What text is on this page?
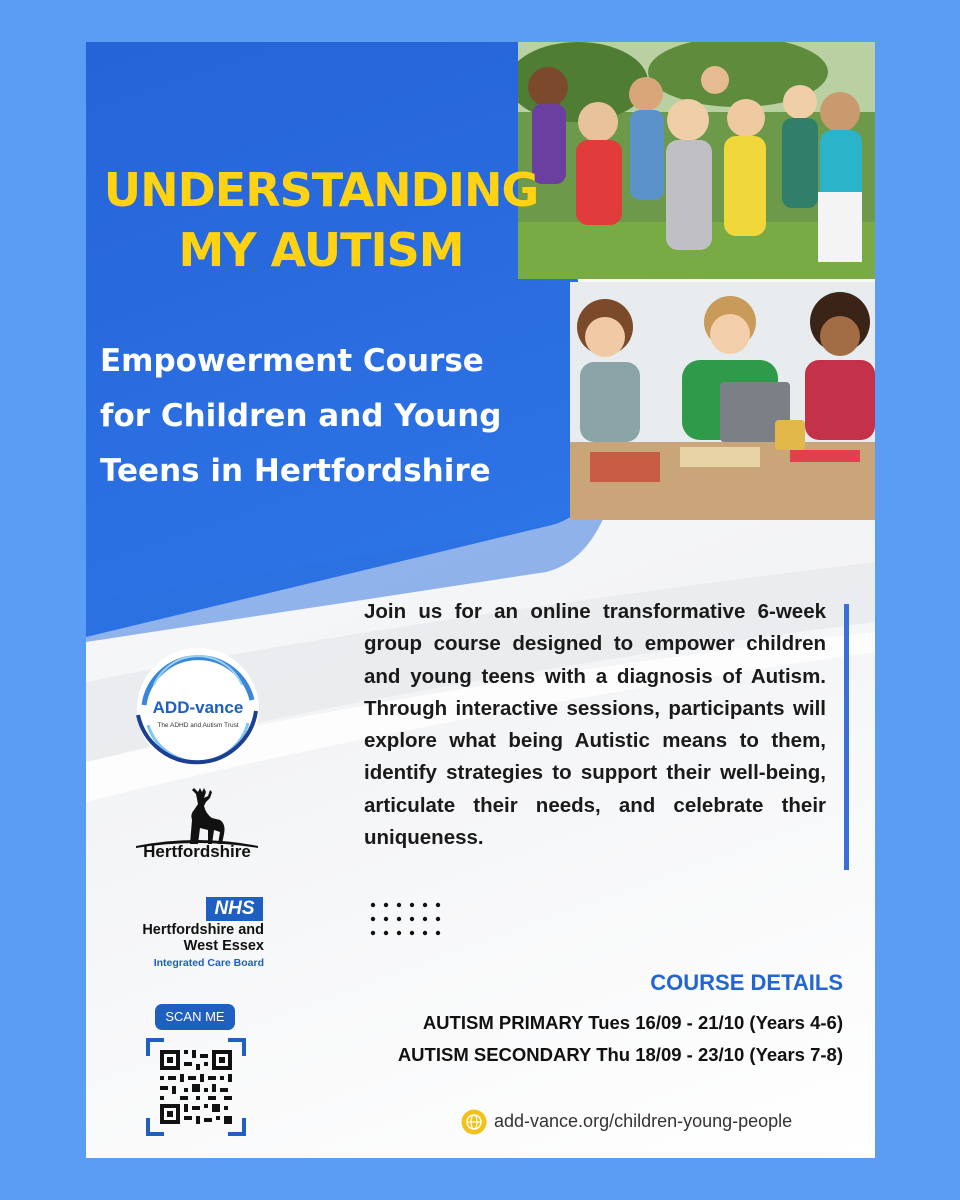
UNDERSTANDING
MY AUTISM
Empowerment Course
for Children and Young
Teens in Hertfordshire
Join us for an online transformative 6-week group course designed to empower children and young teens with a diagnosis of Autism. Through interactive sessions, participants will explore what being Autistic means to them, identify strategies to support their well-being, articulate their needs, and celebrate their uniqueness.
ADD-vance
The ADHD and Autism Trust
Hertfordshire
NHS
Hertfordshire and
West Essex
Integrated Care Board
SCAN ME
COURSE DETAILS
AUTISM PRIMARY Tues 16/09 - 21/10 (Years 4-6)
AUTISM SECONDARY Thu 18/09 - 23/10 (Years 7-8)
add-vance.org/children-young-people
